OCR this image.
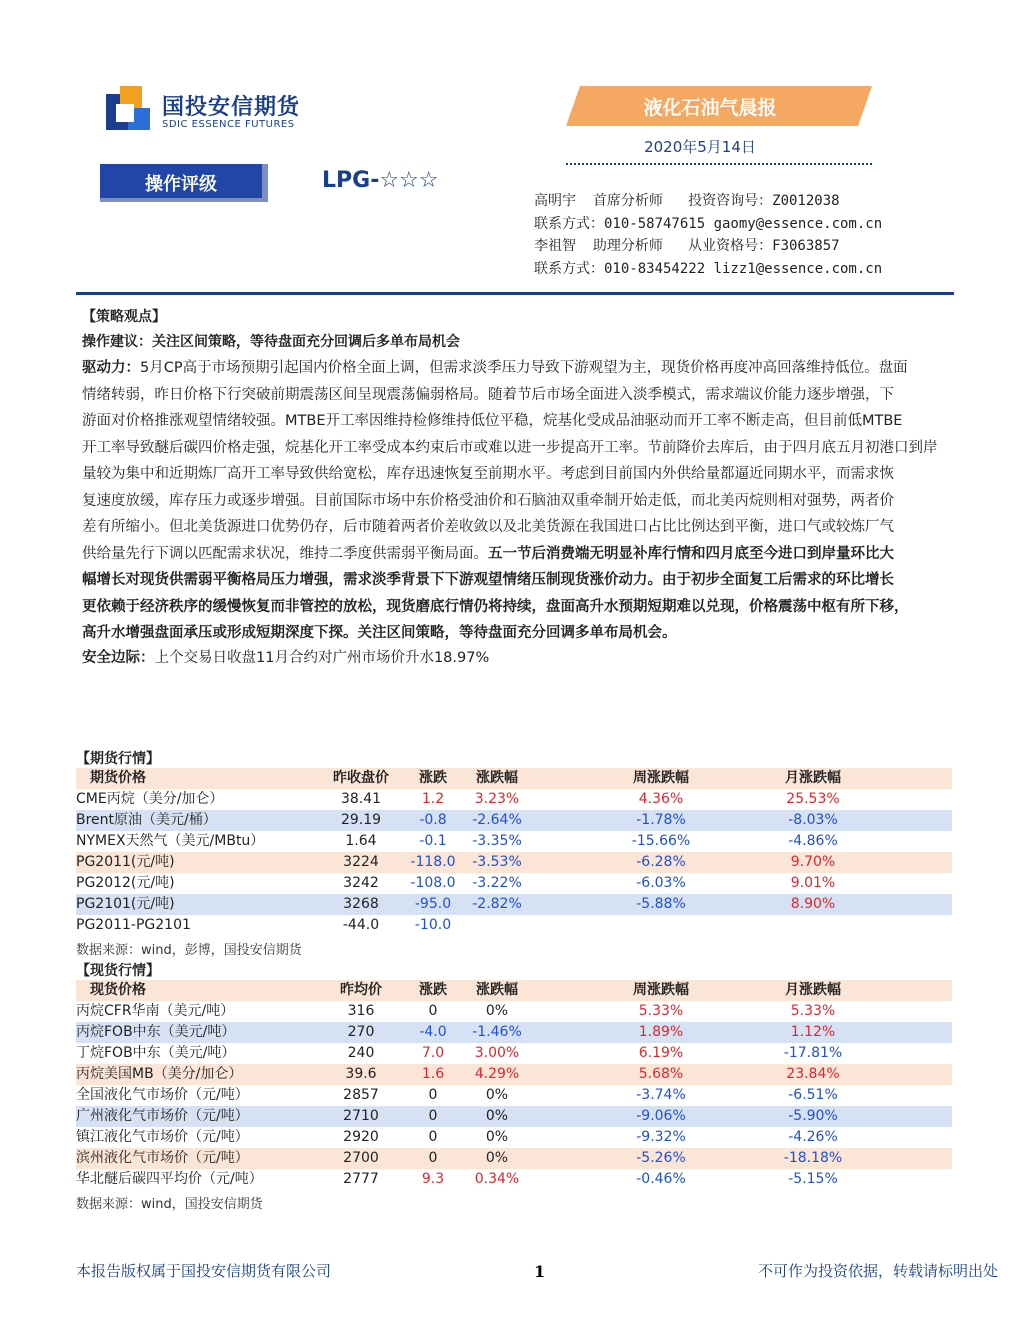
国投安信期货
SDIC ESSENCE FUTURES
液化石油气晨报
2020年5月14日
操作评级	LPG-☆☆☆
高明宇  首席分析师   投资咨询号：Z0012038
联系方式：010-58747615 gaomy@essence.com.cn
李祖智  助理分析师   从业资格号：F3063857
联系方式：010-83454222 lizz1@essence.com.cn
【策略观点】
操作建议：关注区间策略，等待盘面充分回调后多单布局机会
驱动力：5月CP高于市场预期引起国内价格全面上调，但需求淡季压力导致下游观望为主，现货价格再度冲高回落维持低位。盘面
情绪转弱，昨日价格下行突破前期震荡区间呈现震荡偏弱格局。随着节后市场全面进入淡季模式，需求端议价能力逐步增强，下
游面对价格推涨观望情绪较强。MTBE开工率因维持检修维持低位平稳，烷基化受成品油驱动而开工率不断走高，但目前低MTBE
开工率导致醚后碳四价格走强，烷基化开工率受成本约束后市或难以进一步提高开工率。节前降价去库后，由于四月底五月初港口到岸
量较为集中和近期炼厂高开工率导致供给宽松，库存迅速恢复至前期水平。考虑到目前国内外供给量都逼近同期水平，而需求恢
复速度放缓，库存压力或逐步增强。目前国际市场中东价格受油价和石脑油双重牵制开始走低，而北美丙烷则相对强势，两者价
差有所缩小。但北美货源进口优势仍存，后市随着两者价差收敛以及北美货源在我国进口占比比例达到平衡，进口气或较炼厂气
供给量先行下调以匹配需求状况，维持二季度供需弱平衡局面。五一节后消费端无明显补库行情和四月底至今进口到岸量环比大
幅增长对现货供需弱平衡格局压力增强，需求淡季背景下下游观望情绪压制现货涨价动力。由于初步全面复工后需求的环比增长
更依赖于经济秩序的缓慢恢复而非管控的放松，现货磨底行情仍将持续，盘面高升水预期短期难以兑现，价格震荡中枢有所下移，
高升水增强盘面承压或形成短期深度下探。关注区间策略，等待盘面充分回调多单布局机会。
安全边际：上个交易日收盘11月合约对广州市场价升水18.97%
【期货行情】
期货价格	昨收盘价	涨跌	涨跌幅	周涨跌幅	月涨跌幅
CME丙烷（美分/加仑）	38.41	1.2	3.23%	4.36%	25.53%
Brent原油（美元/桶）	29.19	-0.8	-2.64%	-1.78%	-8.03%
NYMEX天然气（美元/MBtu）	1.64	-0.1	-3.35%	-15.66%	-4.86%
PG2011(元/吨)	3224	-118.0	-3.53%	-6.28%	9.70%
PG2012(元/吨)	3242	-108.0	-3.22%	-6.03%	9.01%
PG2101(元/吨)	3268	-95.0	-2.82%	-5.88%	8.90%
PG2011-PG2101	-44.0	-10.0
数据来源：wind，彭博，国投安信期货
【现货行情】
现货价格	昨均价	涨跌	涨跌幅	周涨跌幅	月涨跌幅
丙烷CFR华南（美元/吨）	316	0	0%	5.33%	5.33%
丙烷FOB中东（美元/吨）	270	-4.0	-1.46%	1.89%	1.12%
丁烷FOB中东（美元/吨）	240	7.0	3.00%	6.19%	-17.81%
丙烷美国MB（美分/加仑）	39.6	1.6	4.29%	5.68%	23.84%
全国液化气市场价（元/吨）	2857	0	0%	-3.74%	-6.51%
广州液化气市场价（元/吨）	2710	0	0%	-9.06%	-5.90%
镇江液化气市场价（元/吨）	2920	0	0%	-9.32%	-4.26%
滨州液化气市场价（元/吨）	2700	0	0%	-5.26%	-18.18%
华北醚后碳四平均价（元/吨）	2777	9.3	0.34%	-0.46%	-5.15%
数据来源：wind，国投安信期货
本报告版权属于国投安信期货有限公司	1	不可作为投资依据，转载请标明出处
